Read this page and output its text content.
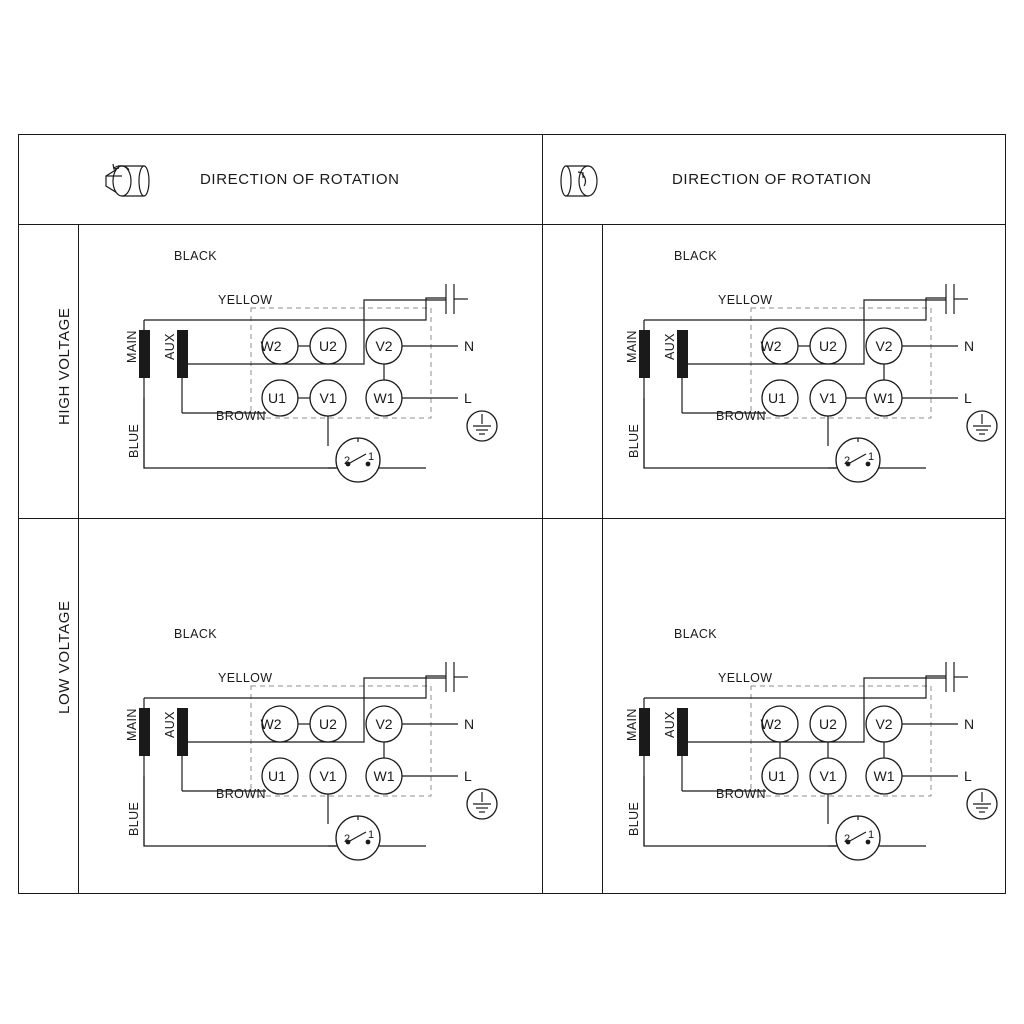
DIRECTION OF ROTATION	DIRECTION OF ROTATION
HIGH VOLTAGE
LOW VOLTAGE
BLACK
YELLOW
BROWN
MAIN AUX
BLUE
W2	U2	V2
U1 V1	W1
N
L
2 1
BLACK
YELLOW
BROWN
MAIN AUX
BLUE
W2	U2	V2
U1 V1	W1
N
L
2 1
BLACK
YELLOW
BROWN
MAIN AUX
BLUE
W2	U2	V2
U1 V1	W1
N
L
2 1
BLACK
YELLOW
BROWN
MAIN AUX
BLUE
W2	U2	V2
U1 V1	W1
N
L
2 1
